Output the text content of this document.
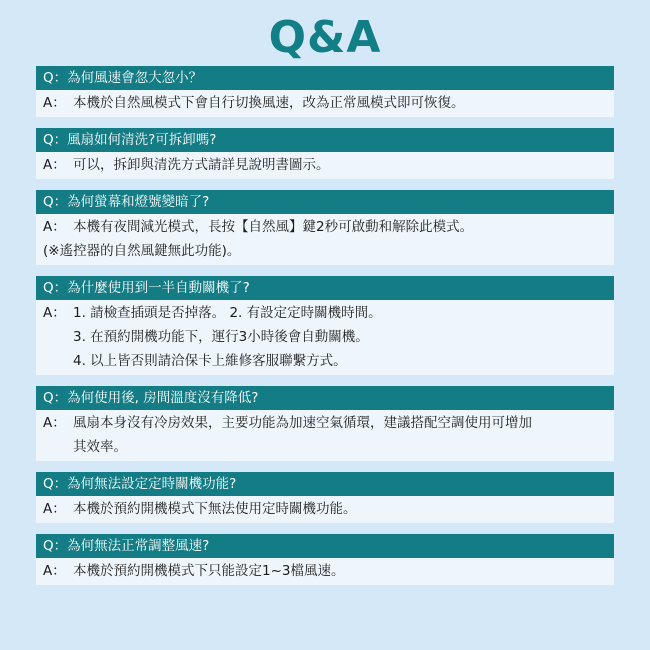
Q&A
Q：為何風速會忽大忽小？
A： 本機於自然風模式下會自行切換風速，改為正常風模式即可恢復。
Q：風扇如何清洗?可拆卸嗎?
A： 可以，拆卸與清洗方式請詳見說明書圖示。
Q：為何螢幕和燈號變暗了?
A： 本機有夜間減光模式，長按【自然風】鍵2秒可啟動和解除此模式。
(※遙控器的自然風鍵無此功能)。
Q：為什麼使用到一半自動關機了?
A： 1. 請檢查插頭是否掉落。 2. 有設定定時關機時間。
3. 在預約開機功能下，運行3小時後會自動關機。
4. 以上皆否則請洽保卡上維修客服聯繫方式。
Q：為何使用後, 房間溫度沒有降低?
A： 風扇本身沒有冷房效果，主要功能為加速空氣循環，建議搭配空調使用可增加
其效率。
Q：為何無法設定定時關機功能?
A： 本機於預約開機模式下無法使用定時關機功能。
Q：為何無法正常調整風速?
A： 本機於預約開機模式下只能設定1~3檔風速。
